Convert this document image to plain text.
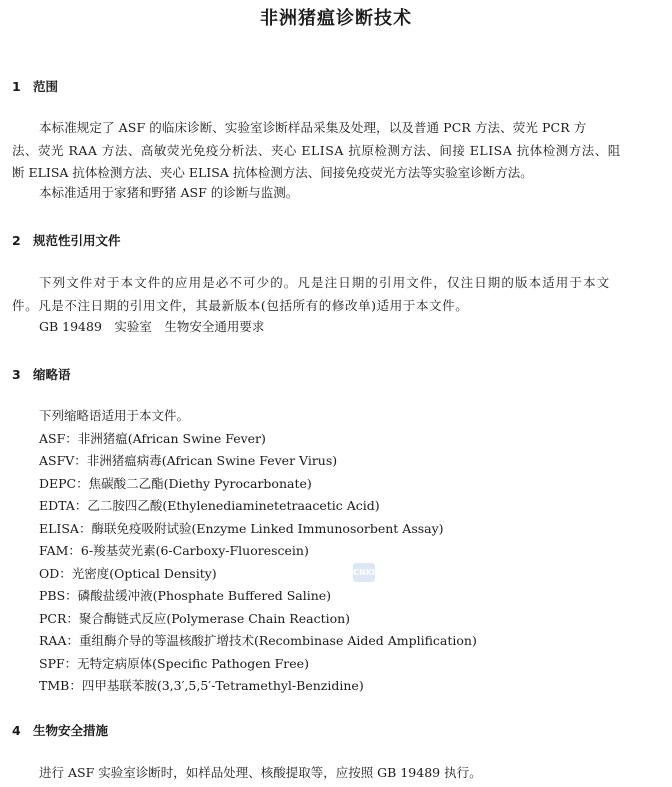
非洲猪瘟诊断技术
1 范围
本标准规定了 ASF 的临床诊断、实验室诊断样品采集及处理，以及普通 PCR 方法、荧光 PCR 方
法、荧光 RAA 方法、高敏荧光免疫分析法、夹心 ELISA 抗原检测方法、间接 ELISA 抗体检测方法、阻
断 ELISA 抗体检测方法、夹心 ELISA 抗体检测方法、间接免疫荧光方法等实验室诊断方法。
本标准适用于家猪和野猪 ASF 的诊断与监测。
2 规范性引用文件
下列文件对于本文件的应用是必不可少的。凡是注日期的引用文件，仅注日期的版本适用于本文
件。凡是不注日期的引用文件，其最新版本(包括所有的修改单)适用于本文件。
GB 19489　实验室　生物安全通用要求
3 缩略语
下列缩略语适用于本文件。
ASF：非洲猪瘟(African Swine Fever)
ASFV：非洲猪瘟病毒(African Swine Fever Virus)
DEPC：焦碳酸二乙酯(Diethy Pyrocarbonate)
EDTA：乙二胺四乙酸(Ethylenediaminetetraacetic Acid)
ELISA：酶联免疫吸附试验(Enzyme Linked Immunosorbent Assay)
FAM：6-羧基荧光素(6-Carboxy-Fluorescein)
OD：光密度(Optical Density)
PBS：磷酸盐缓冲液(Phosphate Buffered Saline)
PCR：聚合酶链式反应(Polymerase Chain Reaction)
RAA：重组酶介导的等温核酸扩增技术(Recombinase Aided Amplification)
SPF：无特定病原体(Specific Pathogen Free)
TMB：四甲基联苯胺(3,3′,5,5′-Tetramethyl-Benzidine)
4 生物安全措施
进行 ASF 实验室诊断时，如样品处理、核酸提取等，应按照 GB 19489 执行。
CNKI
